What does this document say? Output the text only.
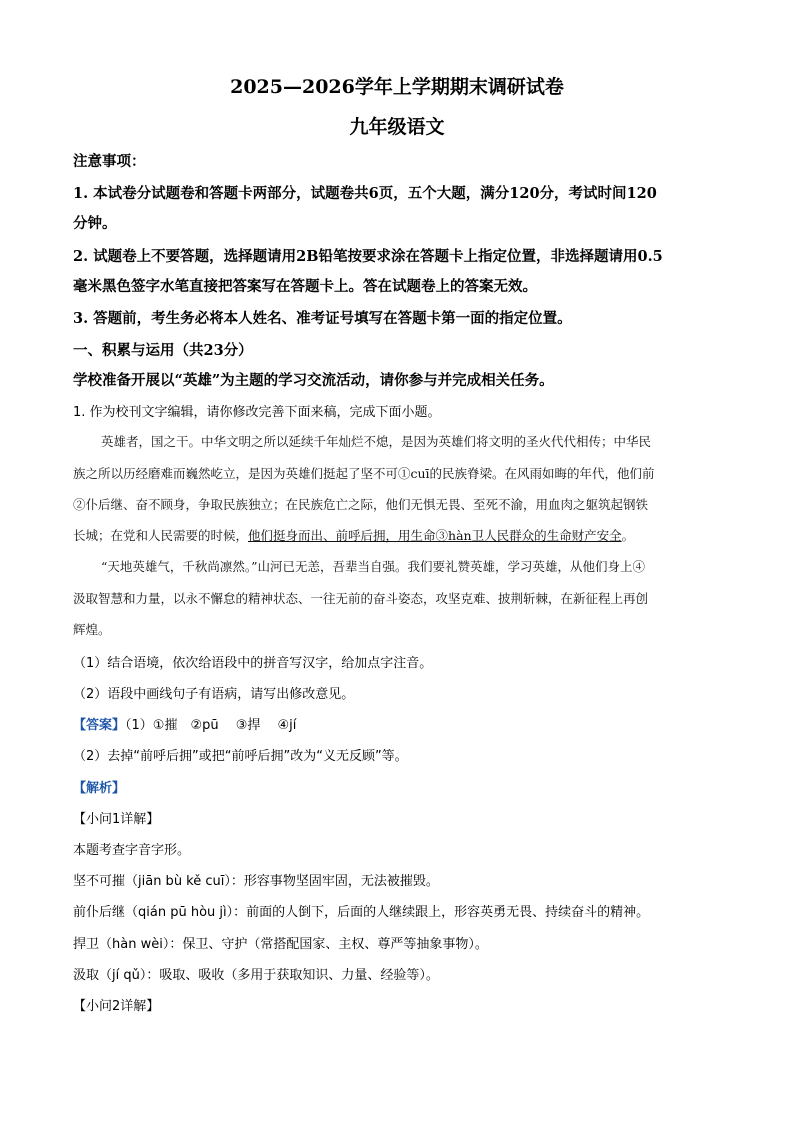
2025—2026学年上学期期末调研试卷
九年级语文
注意事项：
1. 本试卷分试题卷和答题卡两部分，试题卷共6页，五个大题，满分120分，考试时间120
分钟。
2. 试题卷上不要答题，选择题请用2B铅笔按要求涂在答题卡上指定位置，非选择题请用0.5
毫米黑色签字水笔直接把答案写在答题卡上。答在试题卷上的答案无效。
3. 答题前，考生务必将本人姓名、准考证号填写在答题卡第一面的指定位置。
一、积累与运用（共23分）
学校准备开展以“英雄”为主题的学习交流活动，请你参与并完成相关任务。
1. 作为校刊文字编辑，请你修改完善下面来稿，完成下面小题。
英雄者，国之干。中华文明之所以延续千年灿烂不熄，是因为英雄们将文明的圣火代代相传；中华民
族之所以历经磨难而巍然屹立，是因为英雄们挺起了坚不可①cuī的民族脊梁。在风雨如晦的年代，他们前
②仆后继、奋不顾身，争取民族独立；在民族危亡之际，他们无惧无畏、至死不渝，用血肉之躯筑起钢铁
长城；在党和人民需要的时候，他们挺身而出、前呼后拥，用生命③hàn卫人民群众的生命财产安全。
“天地英雄气，千秋尚凛然。”山河已无恙，吾辈当自强。我们要礼赞英雄，学习英雄，从他们身上④
汲取智慧和力量，以永不懈怠的精神状态、一往无前的奋斗姿态，攻坚克难、披荆斩棘，在新征程上再创
辉煌。
（1）结合语境，依次给语段中的拼音写汉字，给加点字注音。
（2）语段中画线句子有语病，请写出修改意见。
【答案】（1）①摧　②pū　 ③捍　 ④jí
（2）去掉“前呼后拥”或把“前呼后拥”改为“义无反顾”等。
【解析】
【小问1详解】
本题考查字音字形。
坚不可摧（jiān bù kě cuī）：形容事物坚固牢固，无法被摧毁。
前仆后继（qián pū hòu jì）：前面的人倒下，后面的人继续跟上，形容英勇无畏、持续奋斗的精神。
捍卫（hàn wèi）：保卫、守护（常搭配国家、主权、尊严等抽象事物）。
汲取（jí qǔ）：吸取、吸收（多用于获取知识、力量、经验等）。
【小问2详解】
